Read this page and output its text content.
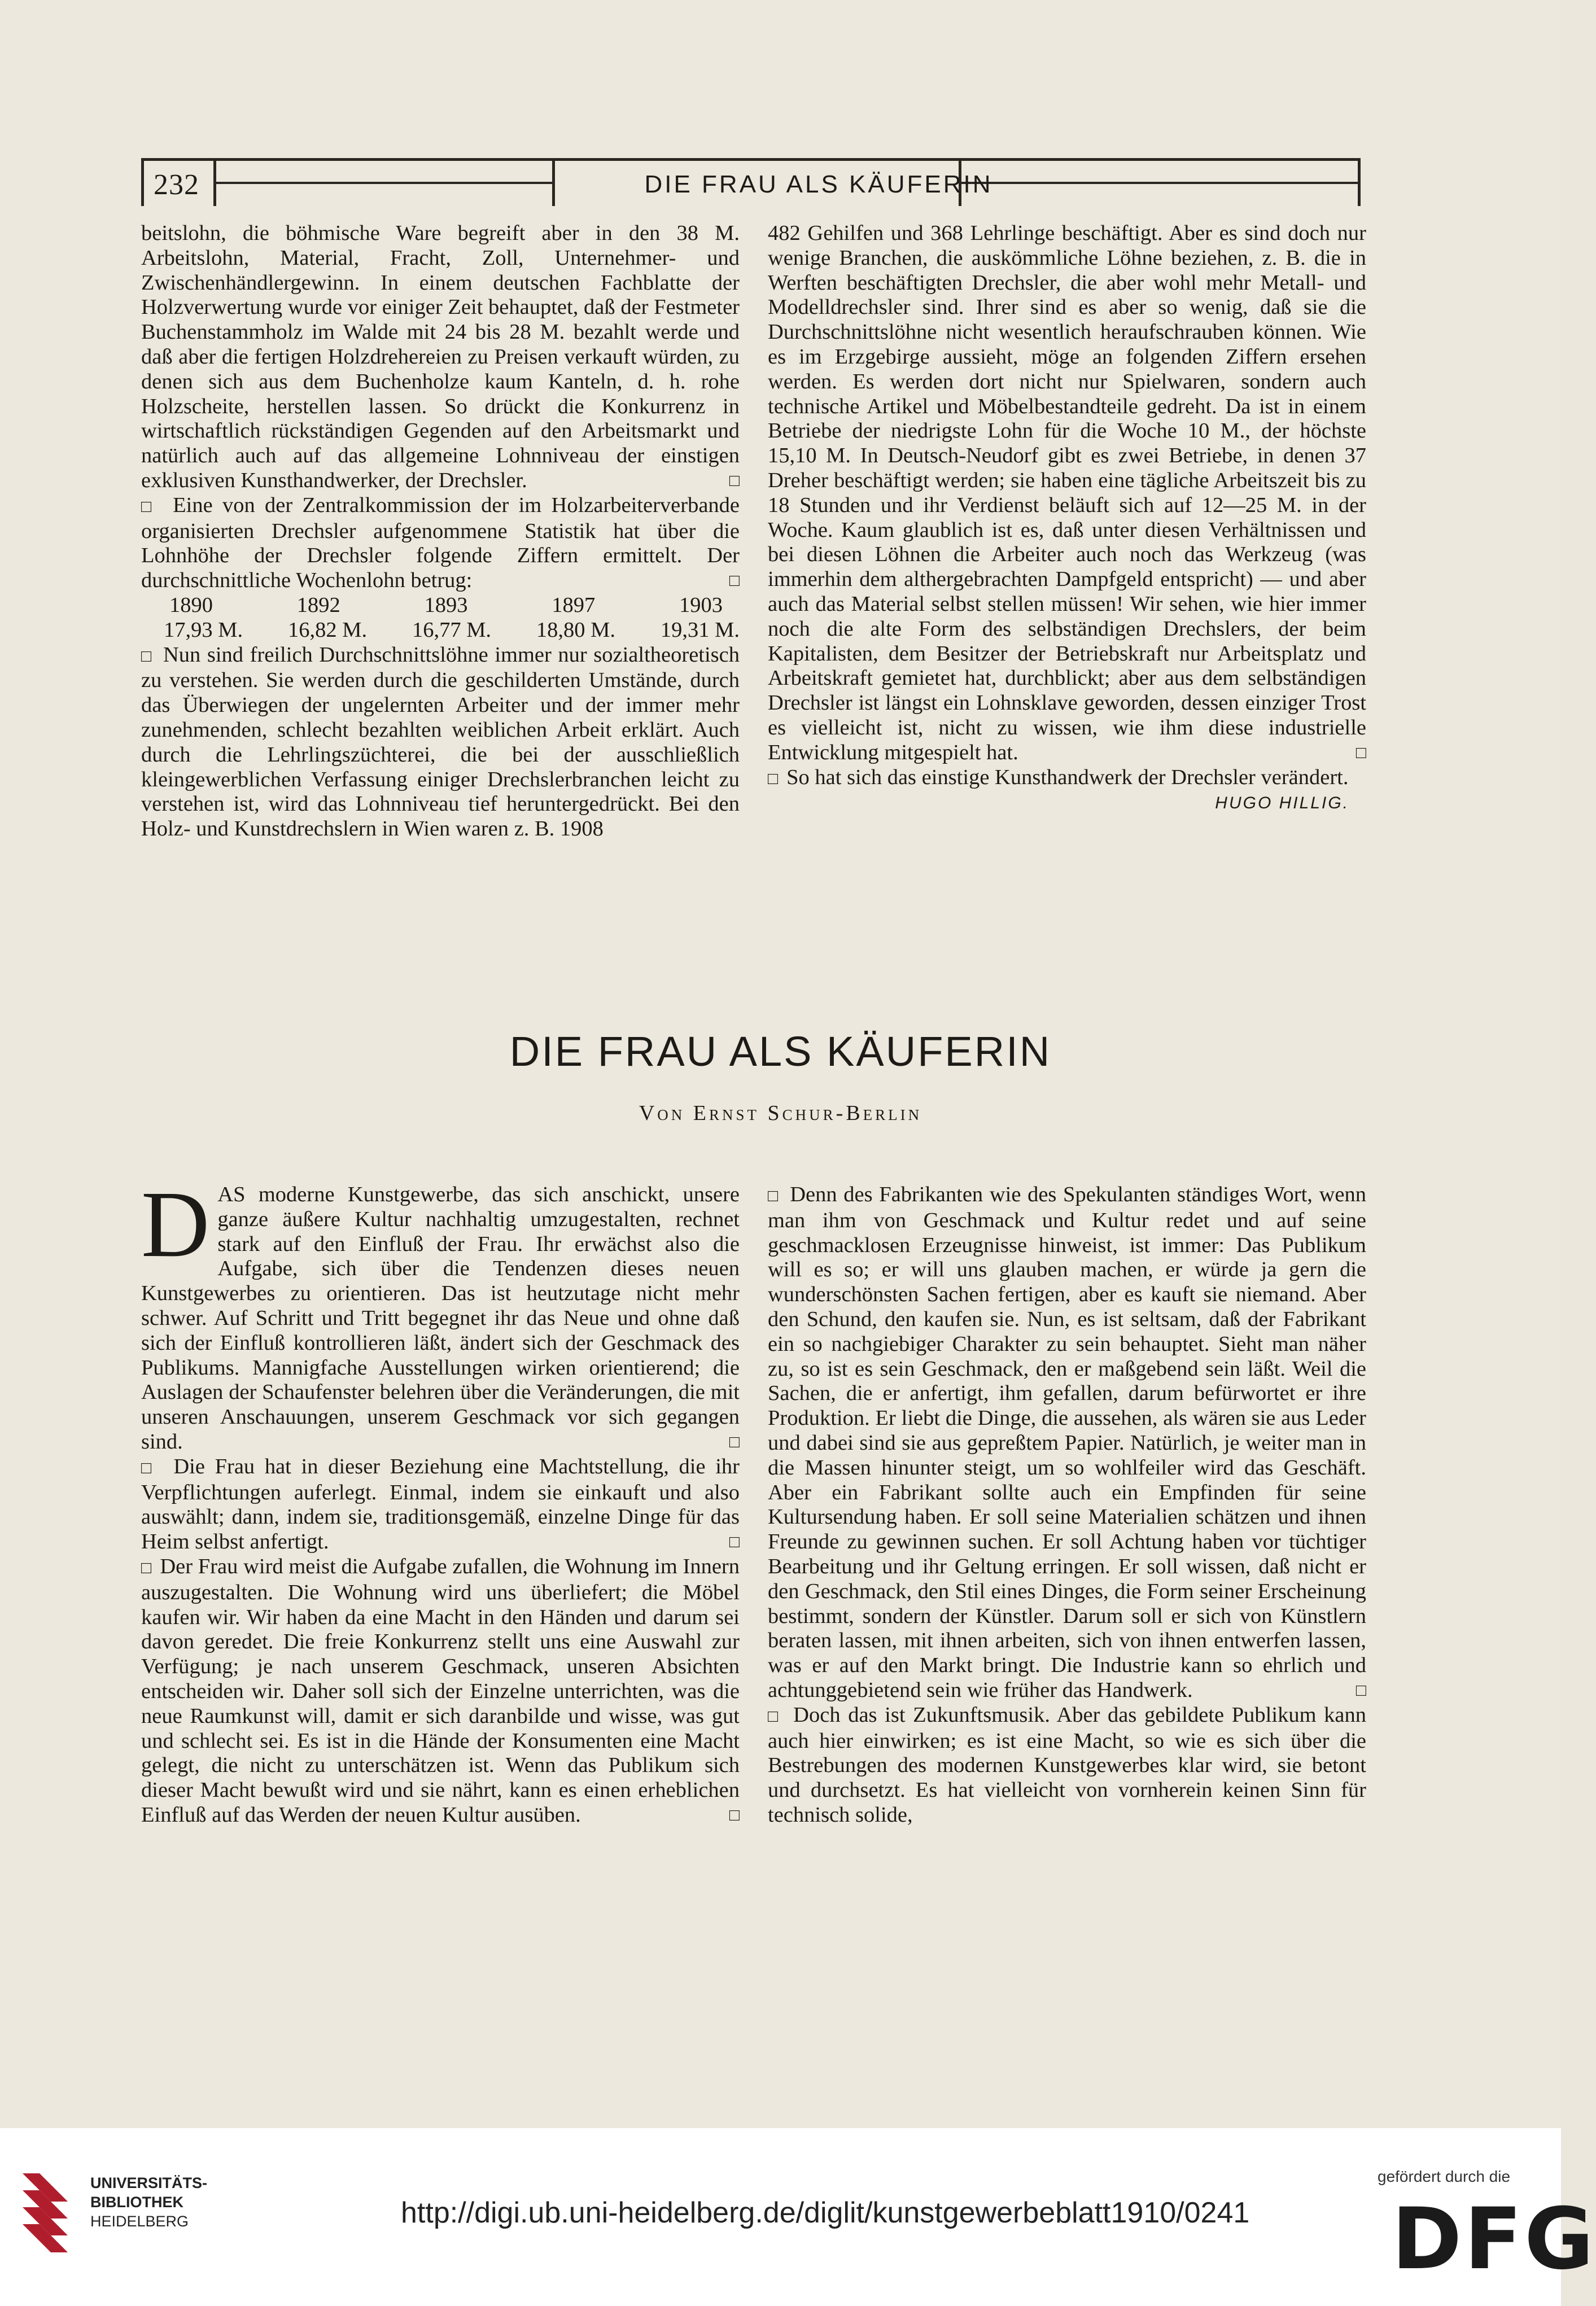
232	DIE FRAU ALS KÄUFERIN

beitslohn, die böhmische Ware begreift aber in den 38 M. Arbeitslohn, Material, Fracht, Zoll, Unternehmer- und Zwischenhändlergewinn. In einem deutschen Fachblatte der Holzverwertung wurde vor einiger Zeit behauptet, daß der Festmeter Buchenstammholz im Walde mit 24 bis 28 M. bezahlt werde und daß aber die fertigen Holzdrehereien zu Preisen verkauft würden, zu denen sich aus dem Buchenholze kaum Kanteln, d. h. rohe Holzscheite, herstellen lassen. So drückt die Konkurrenz in wirtschaftlich rückständigen Gegenden auf den Arbeitsmarkt und natürlich auch auf das allgemeine Lohnniveau der einstigen exklusiven Kunsthandwerker, der Drechsler. □

□  Eine von der Zentralkommission der im Holzarbeiterverbande organisierten Drechsler aufgenommene Statistik hat über die Lohnhöhe der Drechsler folgende Ziffern ermittelt. Der durchschnittliche Wochenlohn betrug: □

1890	1892	1893	1897	1903
17,93 M. 16,82 M. 16,77 M. 18,80 M. 19,31 M.

□  Nun sind freilich Durchschnittslöhne immer nur sozialtheoretisch zu verstehen. Sie werden durch die geschilderten Umstände, durch das Überwiegen der ungelernten Arbeiter und der immer mehr zunehmenden, schlecht bezahlten weiblichen Arbeit erklärt. Auch durch die Lehrlingszüchterei, die bei der ausschließlich kleingewerblichen Verfassung einiger Drechslerbranchen leicht zu verstehen ist, wird das Lohnniveau tief heruntergedrückt. Bei den Holz- und Kunstdrechslern in Wien waren z. B. 1908

482 Gehilfen und 368 Lehrlinge beschäftigt. Aber es sind doch nur wenige Branchen, die auskömmliche Löhne beziehen, z. B. die in Werften beschäftigten Drechsler, die aber wohl mehr Metall- und Modelldrechsler sind. Ihrer sind es aber so wenig, daß sie die Durchschnittslöhne nicht wesentlich heraufschrauben können. Wie es im Erzgebirge aussieht, möge an folgenden Ziffern ersehen werden. Es werden dort nicht nur Spielwaren, sondern auch technische Artikel und Möbelbestandteile gedreht. Da ist in einem Betriebe der niedrigste Lohn für die Woche 10 M., der höchste 15,10 M. In Deutsch-Neudorf gibt es zwei Betriebe, in denen 37 Dreher beschäftigt werden; sie haben eine tägliche Arbeitszeit bis zu 18 Stunden und ihr Verdienst beläuft sich auf 12—25 M. in der Woche. Kaum glaublich ist es, daß unter diesen Verhältnissen und bei diesen Löhnen die Arbeiter auch noch das Werkzeug (was immerhin dem althergebrachten Dampfgeld entspricht) — und aber auch das Material selbst stellen müssen! Wir sehen, wie hier immer noch die alte Form des selbständigen Drechslers, der beim Kapitalisten, dem Besitzer der Betriebskraft nur Arbeitsplatz und Arbeitskraft gemietet hat, durchblickt; aber aus dem selbständigen Drechsler ist längst ein Lohnsklave geworden, dessen einziger Trost es vielleicht ist, nicht zu wissen, wie ihm diese industrielle Entwicklung mitgespielt hat. □

□  So hat sich das einstige Kunsthandwerk der Drechsler verändert.

HUGO HILLIG.

DIE FRAU ALS KÄUFERIN
Von Ernst Schur-Berlin

DAS moderne Kunstgewerbe, das sich anschickt, unsere ganze äußere Kultur nachhaltig umzugestalten, rechnet stark auf den Einfluß der Frau. Ihr erwächst also die Aufgabe, sich über die Tendenzen dieses neuen Kunstgewerbes zu orientieren. Das ist heutzutage nicht mehr schwer. Auf Schritt und Tritt begegnet ihr das Neue und ohne daß sich der Einfluß kontrollieren läßt, ändert sich der Geschmack des Publikums. Mannigfache Ausstellungen wirken orientierend; die Auslagen der Schaufenster belehren über die Veränderungen, die mit unseren Anschauungen, unserem Geschmack vor sich gegangen sind. □

□  Die Frau hat in dieser Beziehung eine Machtstellung, die ihr Verpflichtungen auferlegt. Einmal, indem sie einkauft und also auswählt; dann, indem sie, traditionsgemäß, einzelne Dinge für das Heim selbst anfertigt. □

□  Der Frau wird meist die Aufgabe zufallen, die Wohnung im Innern auszugestalten. Die Wohnung wird uns überliefert; die Möbel kaufen wir. Wir haben da eine Macht in den Händen und darum sei davon geredet. Die freie Konkurrenz stellt uns eine Auswahl zur Verfügung; je nach unserem Geschmack, unseren Absichten entscheiden wir. Daher soll sich der Einzelne unterrichten, was die neue Raumkunst will, damit er sich daranbilde und wisse, was gut und schlecht sei. Es ist in die Hände der Konsumenten eine Macht gelegt, die nicht zu unterschätzen ist. Wenn das Publikum sich dieser Macht bewußt wird und sie nährt, kann es einen erheblichen Einfluß auf das Werden der neuen Kultur ausüben. □

□  Denn des Fabrikanten wie des Spekulanten ständiges Wort, wenn man ihm von Geschmack und Kultur redet und auf seine geschmacklosen Erzeugnisse hinweist, ist immer: Das Publikum will es so; er will uns glauben machen, er würde ja gern die wunderschönsten Sachen fertigen, aber es kauft sie niemand. Aber den Schund, den kaufen sie. Nun, es ist seltsam, daß der Fabrikant ein so nachgiebiger Charakter zu sein behauptet. Sieht man näher zu, so ist es sein Geschmack, den er maßgebend sein läßt. Weil die Sachen, die er anfertigt, ihm gefallen, darum befürwortet er ihre Produktion. Er liebt die Dinge, die aussehen, als wären sie aus Leder und dabei sind sie aus gepreßtem Papier. Natürlich, je weiter man in die Massen hinunter steigt, um so wohlfeiler wird das Geschäft. Aber ein Fabrikant sollte auch ein Empfinden für seine Kultursendung haben. Er soll seine Materialien schätzen und ihnen Freunde zu gewinnen suchen. Er soll Achtung haben vor tüchtiger Bearbeitung und ihr Geltung erringen. Er soll wissen, daß nicht er den Geschmack, den Stil eines Dinges, die Form seiner Erscheinung bestimmt, sondern der Künstler. Darum soll er sich von Künstlern beraten lassen, mit ihnen arbeiten, sich von ihnen entwerfen lassen, was er auf den Markt bringt. Die Industrie kann so ehrlich und achtunggebietend sein wie früher das Handwerk. □

□  Doch das ist Zukunftsmusik. Aber das gebildete Publikum kann auch hier einwirken; es ist eine Macht, so wie es sich über die Bestrebungen des modernen Kunstgewerbes klar wird, sie betont und durchsetzt. Es hat vielleicht von vornherein keinen Sinn für technisch solide,

UNIVERSITÄTS-
BIBLIOTHEK
HEIDELBERG	http://digi.ub.uni-heidelberg.de/diglit/kunstgewerbeblatt1910/0241
gefördert durch die
DFG
